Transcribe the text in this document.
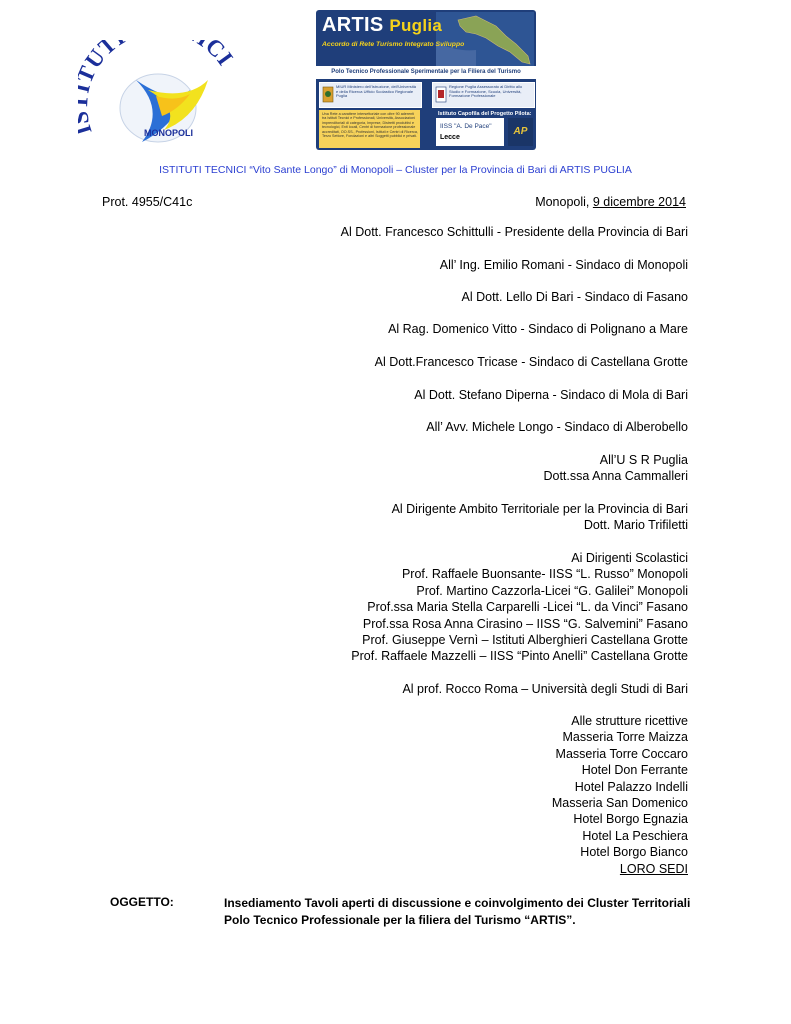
UT CI
MONOPOLI
ARTIS Puglia
Accordo di Rete Turismo Integrato Sviluppo
Polo Tecnico Professionale Sperimentale per la Filiera del Turismo
MIUR Ministero dell'Istruzione, dell'Università e della Ricerca Ufficio Scolastico Regionale Puglia
Regione Puglia Assessorato al Diritto allo Studio e Formazione, Scuola, Università, Formazione Professionale
Una Rete a carattere intersettoriale con oltre 90 aderenti tra Istituti Tecnici e Professionali, Università, Associazioni imprenditoriali di categoria, Imprese, Distretti produttivi e tecnologici, Enti locali, Centri di formazione professionale accreditati, OO.SS., Professioni, Istituti e Centri di Ricerca, Terzo Settore, Fondazioni e altri Soggetti pubblici e privati.
Istituto Capofila del Progetto Pilota:
IISS "A. De Pace"
Lecce
AP
ISTITUTI TECNICI “Vito Sante Longo” di Monopoli – Cluster per la Provincia di Bari di ARTIS PUGLIA
Prot. 4955/C41c	Monopoli, 9 dicembre 2014
Al Dott. Francesco Schittulli - Presidente della Provincia di Bari
All’ Ing. Emilio Romani - Sindaco di Monopoli
Al Dott. Lello Di Bari - Sindaco di Fasano
Al Rag. Domenico Vitto - Sindaco di Polignano a Mare
Al Dott.Francesco Tricase - Sindaco di Castellana Grotte
Al Dott. Stefano Diperna - Sindaco di Mola di Bari
All’ Avv. Michele Longo - Sindaco di Alberobello
All’U S R Puglia
Dott.ssa Anna Cammalleri
Al Dirigente Ambito Territoriale per la Provincia di Bari
Dott. Mario Trifiletti
Ai Dirigenti Scolastici
Prof. Raffaele Buonsante- IISS “L. Russo” Monopoli
Prof. Martino Cazzorla-Licei “G. Galilei” Monopoli
Prof.ssa Maria Stella Carparelli -Licei “L. da Vinci” Fasano
Prof.ssa Rosa Anna Cirasino – IISS “G. Salvemini” Fasano
Prof. Giuseppe Vernì – Istituti Alberghieri Castellana Grotte
Prof. Raffaele Mazzelli – IISS “Pinto Anelli” Castellana Grotte
Al prof. Rocco Roma – Università degli Studi di Bari
Alle strutture ricettive
Masseria Torre Maizza
Masseria Torre Coccaro
Hotel Don Ferrante
Hotel Palazzo Indelli
Masseria San Domenico
Hotel Borgo Egnazia
Hotel La Peschiera
Hotel Borgo Bianco
LORO SEDI
OGGETTO:	Insediamento Tavoli aperti di discussione e coinvolgimento dei Cluster Territoriali
Polo Tecnico Professionale per la filiera del Turismo “ARTIS”.
